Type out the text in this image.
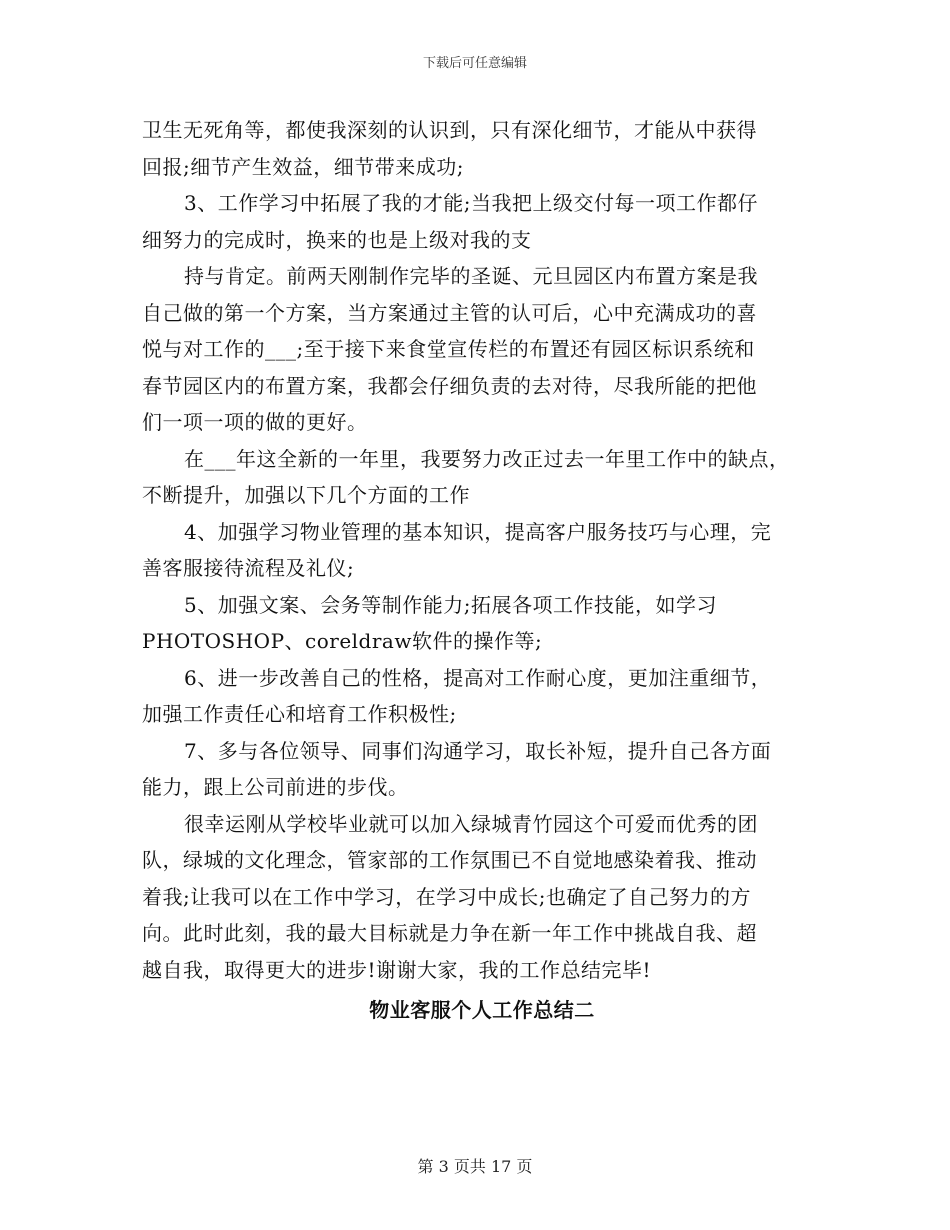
下载后可任意编辑
卫生无死角等，都使我深刻的认识到，只有深化细节，才能从中获得
回报;细节产生效益，细节带来成功;
3、工作学习中拓展了我的才能;当我把上级交付每一项工作都仔
细努力的完成时，换来的也是上级对我的支
持与肯定。前两天刚制作完毕的圣诞、元旦园区内布置方案是我
自己做的第一个方案，当方案通过主管的认可后，心中充满成功的喜
悦与对工作的___;至于接下来食堂宣传栏的布置还有园区标识系统和
春节园区内的布置方案，我都会仔细负责的去对待，尽我所能的把他
们一项一项的做的更好。
在___年这全新的一年里，我要努力改正过去一年里工作中的缺点，
不断提升，加强以下几个方面的工作
4、加强学习物业管理的基本知识，提高客户服务技巧与心理，完
善客服接待流程及礼仪;
5、加强文案、会务等制作能力;拓展各项工作技能，如学习
PHOTOSHOP、coreldraw软件的操作等;
6、进一步改善自己的性格，提高对工作耐心度，更加注重细节，
加强工作责任心和培育工作积极性;
7、多与各位领导、同事们沟通学习，取长补短，提升自己各方面
能力，跟上公司前进的步伐。
很幸运刚从学校毕业就可以加入绿城青竹园这个可爱而优秀的团
队，绿城的文化理念，管家部的工作氛围已不自觉地感染着我、推动
着我;让我可以在工作中学习，在学习中成长;也确定了自己努力的方
向。此时此刻，我的最大目标就是力争在新一年工作中挑战自我、超
越自我，取得更大的进步!谢谢大家，我的工作总结完毕!
物业客服个人工作总结二
第 3 页共 17 页
